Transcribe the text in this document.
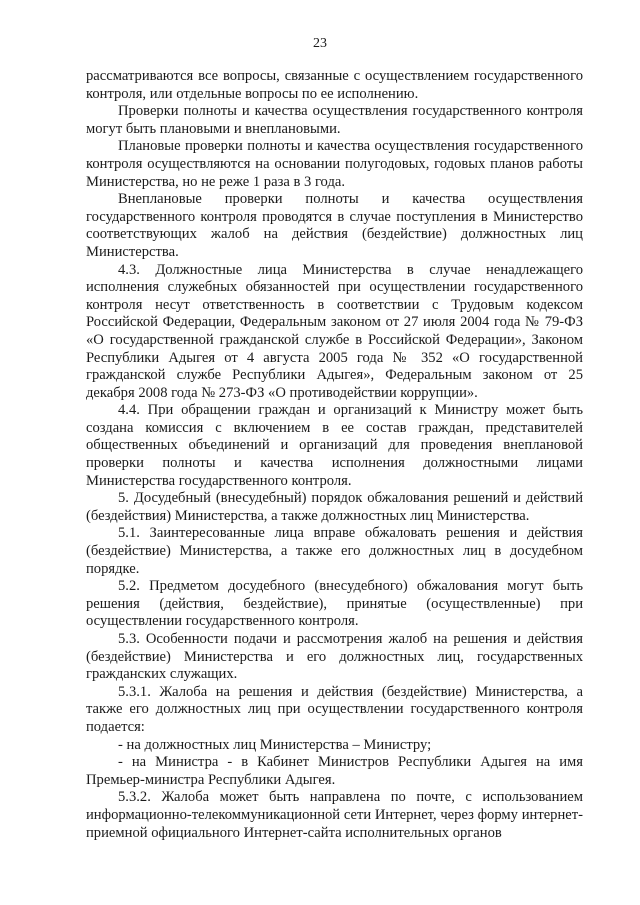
23

рассматриваются все вопросы, связанные с осуществлением государственного контроля, или отдельные вопросы по ее исполнению.

Проверки полноты и качества осуществления государственного контроля могут быть плановыми и внеплановыми.

Плановые проверки полноты и качества осуществления государственного контроля осуществляются на основании полугодовых, годовых планов работы Министерства, но не реже 1 раза в 3 года.

Внеплановые проверки полноты и качества осуществления государственного контроля проводятся в случае поступления в Министерство соответствующих жалоб на действия (бездействие) должностных лиц Министерства.

4.3. Должностные лица Министерства в случае ненадлежащего исполнения служебных обязанностей при осуществлении государственного контроля несут ответственность в соответствии с Трудовым кодексом Российской Федерации, Федеральным законом от 27 июля 2004 года № 79-ФЗ «О государственной гражданской службе в Российской Федерации», Законом Республики Адыгея от 4 августа 2005 года № 352 «О государственной гражданской службе Республики Адыгея», Федеральным законом от 25 декабря 2008 года № 273-ФЗ «О противодействии коррупции».

4.4. При обращении граждан и организаций к Министру может быть создана комиссия с включением в ее состав граждан, представителей общественных объединений и организаций для проведения внеплановой проверки полноты и качества исполнения должностными лицами Министерства государственного контроля.

5. Досудебный (внесудебный) порядок обжалования решений и действий (бездействия) Министерства, а также должностных лиц Министерства.

5.1. Заинтересованные лица вправе обжаловать решения и действия (бездействие) Министерства, а также его должностных лиц в досудебном порядке.

5.2. Предметом досудебного (внесудебного) обжалования могут быть решения (действия, бездействие), принятые (осуществленные) при осуществлении государственного контроля.

5.3. Особенности подачи и рассмотрения жалоб на решения и действия (бездействие) Министерства и его должностных лиц, государственных гражданских служащих.

5.3.1. Жалоба на решения и действия (бездействие) Министерства, а также его должностных лиц при осуществлении государственного контроля подается:

- на должностных лиц Министерства – Министру;

- на Министра - в Кабинет Министров Республики Адыгея на имя Премьер-министра Республики Адыгея.

5.3.2. Жалоба может быть направлена по почте, с использованием информационно-телекоммуникационной сети Интернет, через форму интернет-приемной официального Интернет-сайта исполнительных органов
